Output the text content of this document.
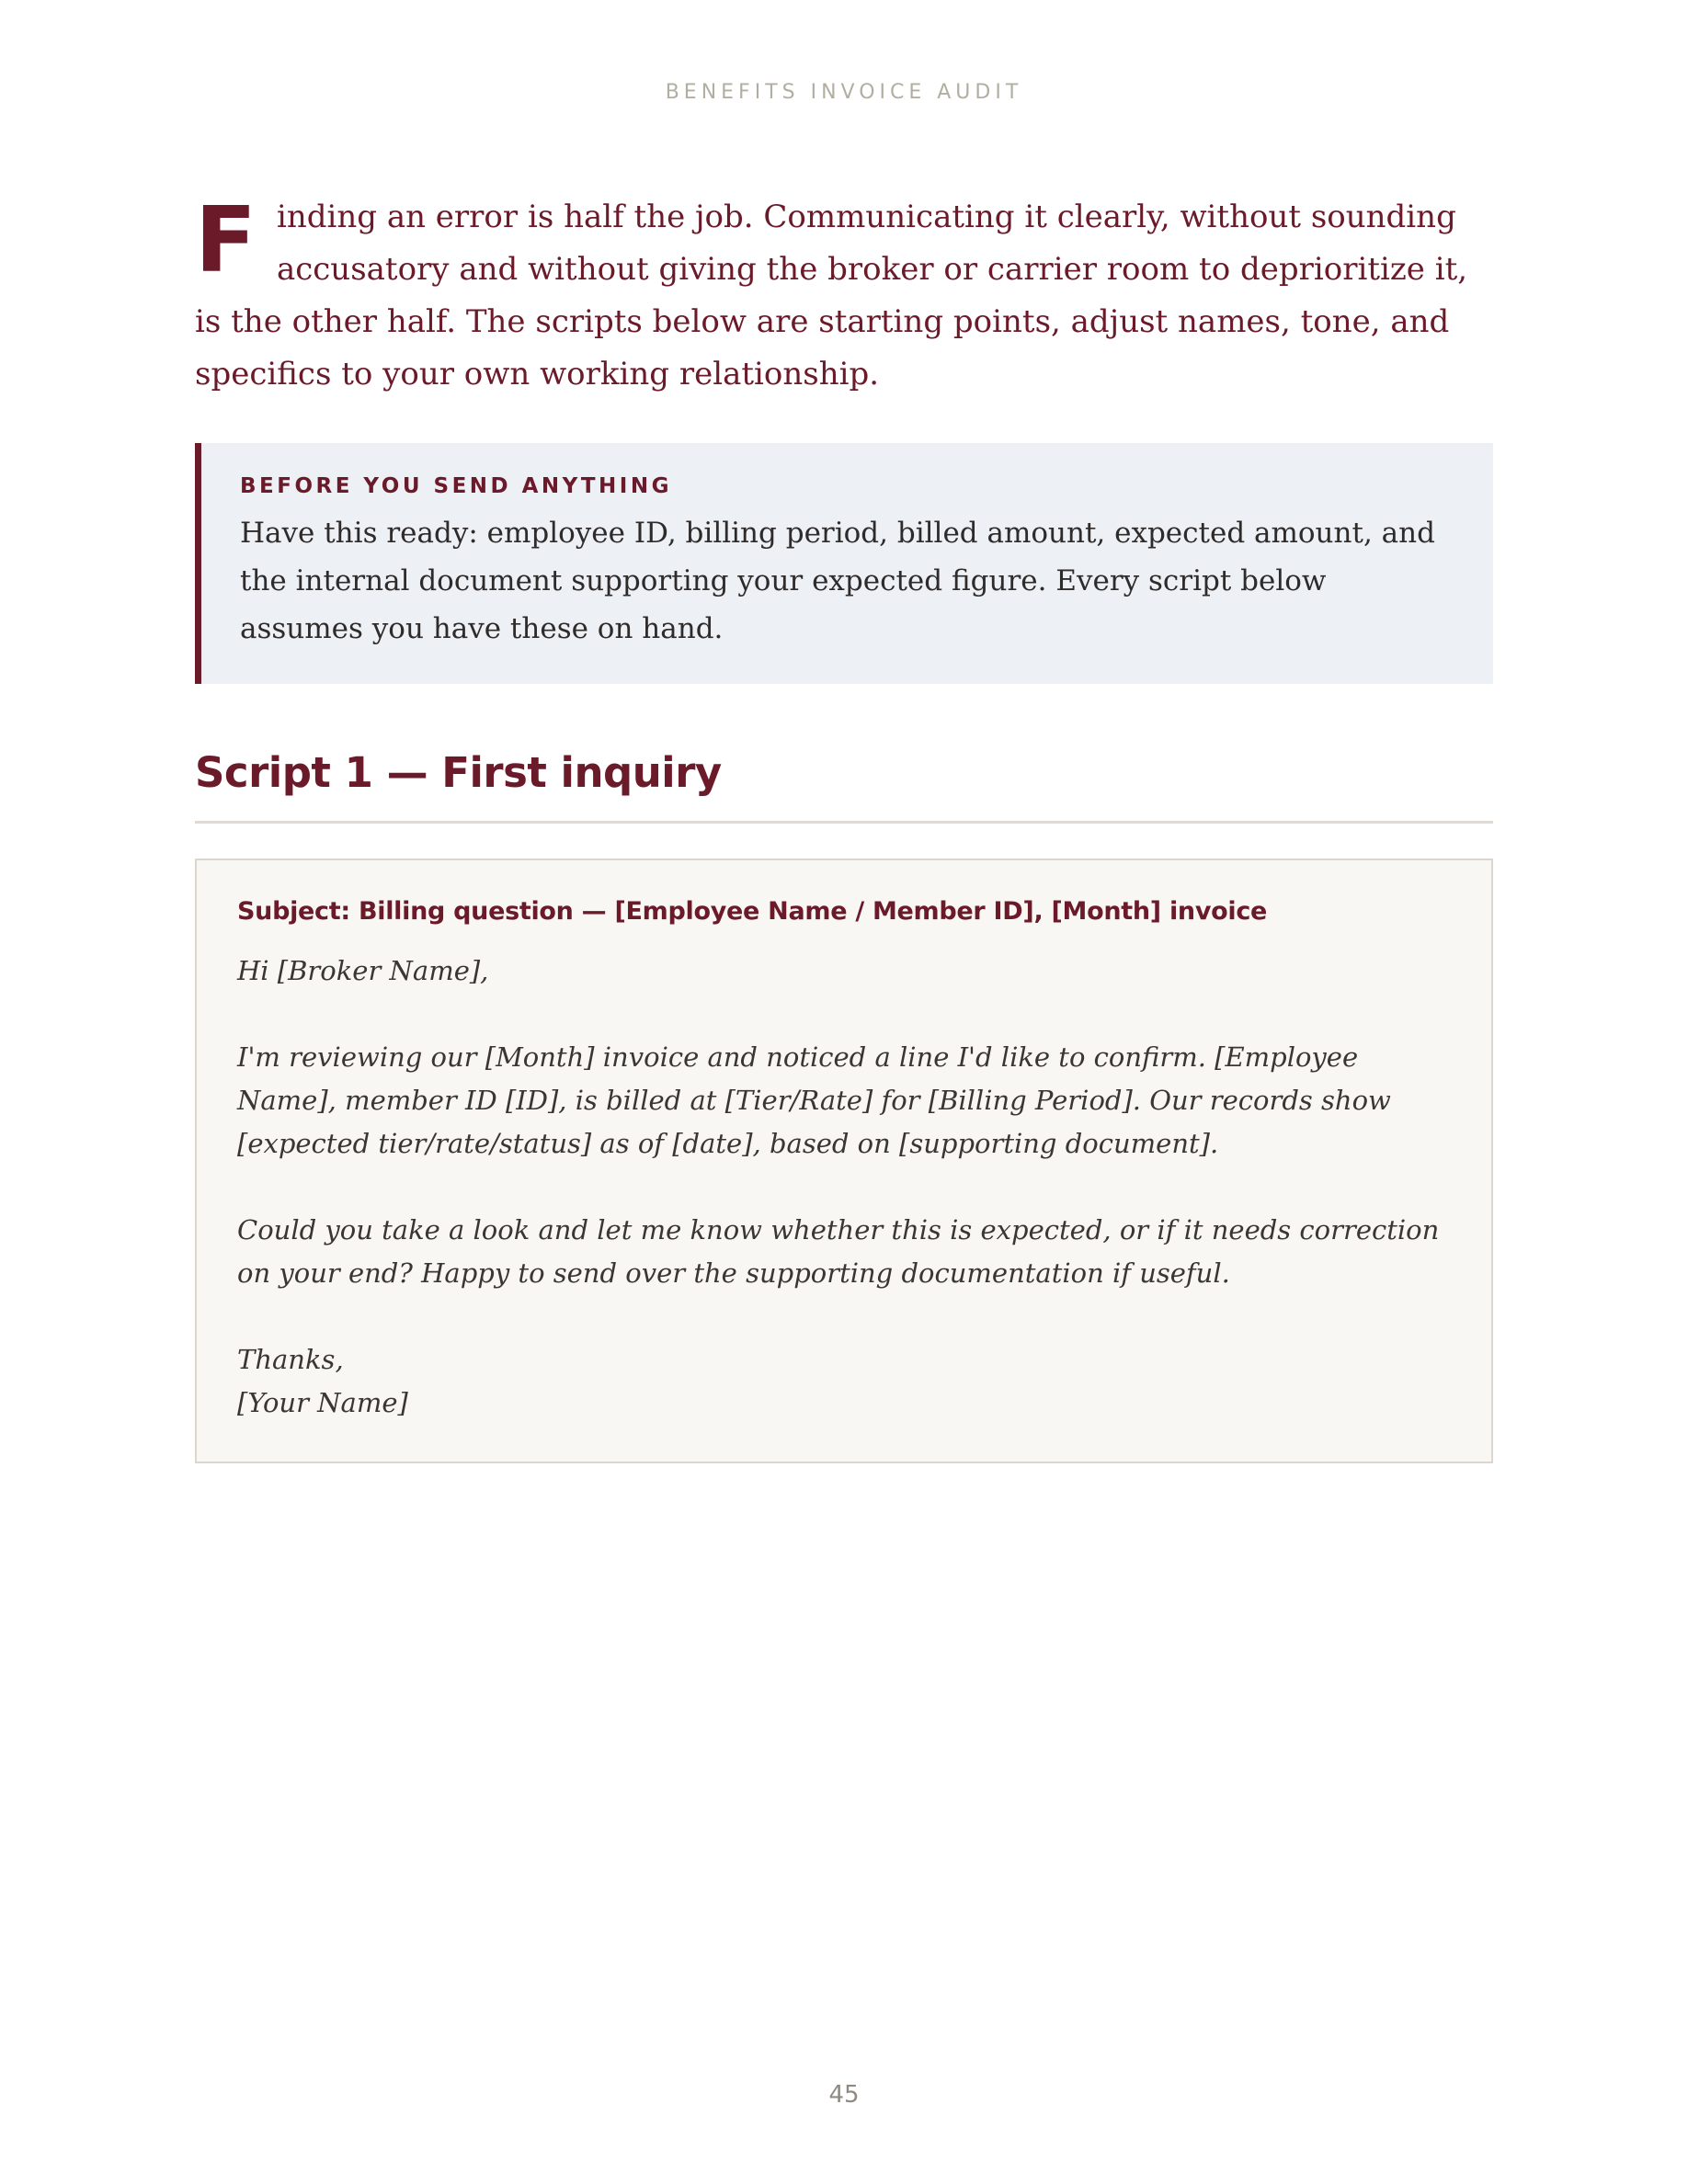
BENEFITS INVOICE AUDIT

Finding an error is half the job. Communicating it clearly, without sounding accusatory and without giving the broker or carrier room to deprioritize it, is the other half. The scripts below are starting points, adjust names, tone, and specifics to your own working relationship.

BEFORE YOU SEND ANYTHING
Have this ready: employee ID, billing period, billed amount, expected amount, and the internal document supporting your expected figure. Every script below assumes you have these on hand.
Script 1 — First inquiry
Subject: Billing question — [Employee Name / Member ID], [Month] invoice

Hi [Broker Name],

I'm reviewing our [Month] invoice and noticed a line I'd like to confirm. [Employee Name], member ID [ID], is billed at [Tier/Rate] for [Billing Period]. Our records show [expected tier/rate/status] as of [date], based on [supporting document].

Could you take a look and let me know whether this is expected, or if it needs correction on your end? Happy to send over the supporting documentation if useful.

Thanks,
[Your Name]

45
